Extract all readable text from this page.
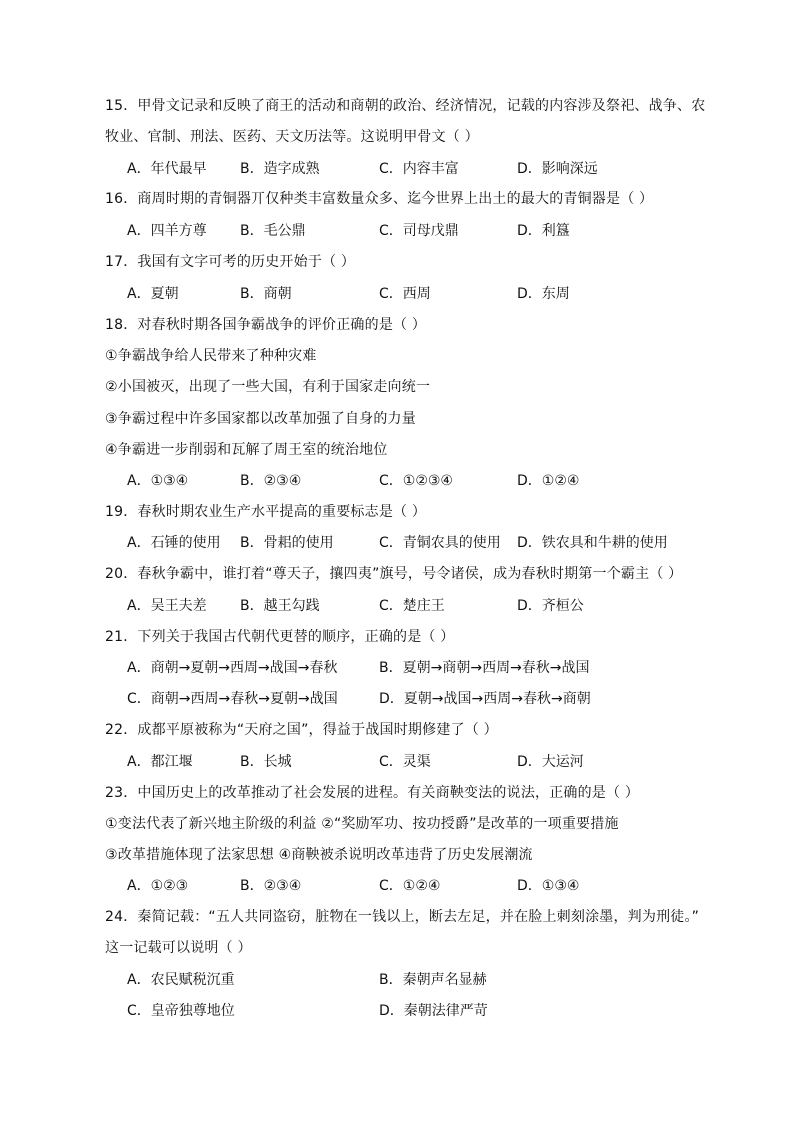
15．甲骨文记录和反映了商王的活动和商朝的政治、经济情况，记载的内容涉及祭祀、战争、农
牧业、官制、刑法、医药、天文历法等。这说明甲骨文（ ）
A．年代最早 B．造字成熟	C．内容丰富	D．影响深远
16．商周时期的青铜器丌仅种类丰富数量众多、迄今世界上出土的最大的青铜器是（ ）
A．四羊方尊 B．毛公鼎	C．司母戊鼎	D．利簋
17．我国有文字可考的历史开始于（ ）
A．夏朝	B．商朝	C．西周	D．东周
18．对春秋时期各国争霸战争的评价正确的是（ ）
①争霸战争给人民带来了种种灾难
②小国被灭，出现了一些大国，有利于国家走向统一
③争霸过程中许多国家都以改革加强了自身的力量
④争霸进一步削弱和瓦解了周王室的统治地位
A．①③④	B．②③④	C．①②③④	D．①②④
19．春秋时期农业生产水平提高的重要标志是（ ）
A．石锤的使用 B．骨耜的使用	C．青铜农具的使用 D．铁农具和牛耕的使用
20．春秋争霸中，谁打着“尊天子，攘四夷”旗号，号令诸侯，成为春秋时期第一个霸主（ ）
A．吴王夫差 B．越王勾践	C．楚庄王	D．齐桓公
21．下列关于我国古代朝代更替的顺序，正确的是（ ）
A．商朝→夏朝→西周→战国→春秋	B．夏朝→商朝→西周→春秋→战国
C．商朝→西周→春秋→夏朝→战国	D．夏朝→战国→西周→春秋→商朝
22．成都平原被称为“天府之国”，得益于战国时期修建了（ ）
A．都江堰	B．长城	C．灵渠	D．大运河
23．中国历史上的改革推动了社会发展的进程。有关商鞅变法的说法，正确的是（ ）
①变法代表了新兴地主阶级的利益 ②“奖励军功、按功授爵”是改革的一项重要措施
③改革措施体现了法家思想 ④商鞅被杀说明改革违背了历史发展潮流
A．①②③	B．②③④	C．①②④	D．①③④
24．秦简记载：“五人共同盗窃，脏物在一钱以上，断去左足，并在脸上刺刻涂墨，判为刑徒。”
这一记载可以说明（ ）
A．农民赋税沉重	B．秦朝声名显赫
C．皇帝独尊地位	D．秦朝法律严苛
